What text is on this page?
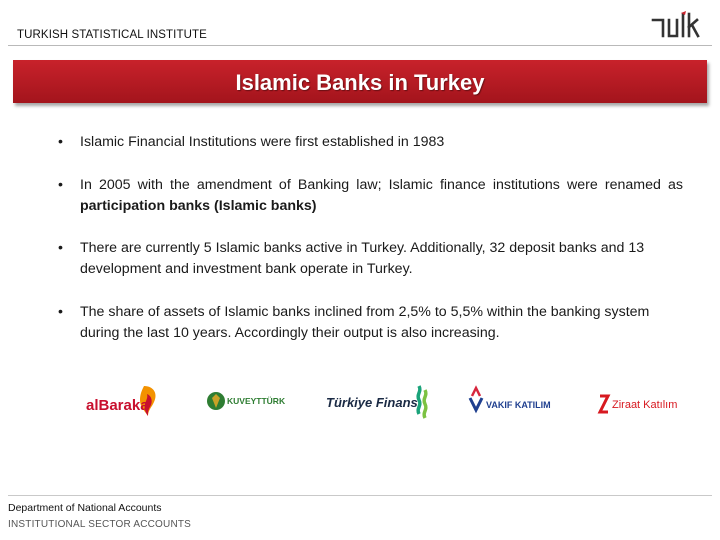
TURKISH STATISTICAL INSTITUTE
Islamic Banks in Turkey
• Islamic Financial Institutions were first established in 1983
• In 2005 with the amendment of Banking law; Islamic finance institutions were renamed as participation banks (Islamic banks)
• There are currently 5 Islamic banks active in Turkey. Additionally, 32 deposit banks and 13 development and investment bank operate in Turkey.
• The share of assets of Islamic banks inclined from 2,5% to 5,5% within the banking system during the last 10 years. Accordingly their output is also increasing.
alBaraka	KUVEYTTÜRK	Türkiye Finans	VAKIF KATILIM	Ziraat Katılım
Department of National Accounts
INSTITUTIONAL SECTOR ACCOUNTS
